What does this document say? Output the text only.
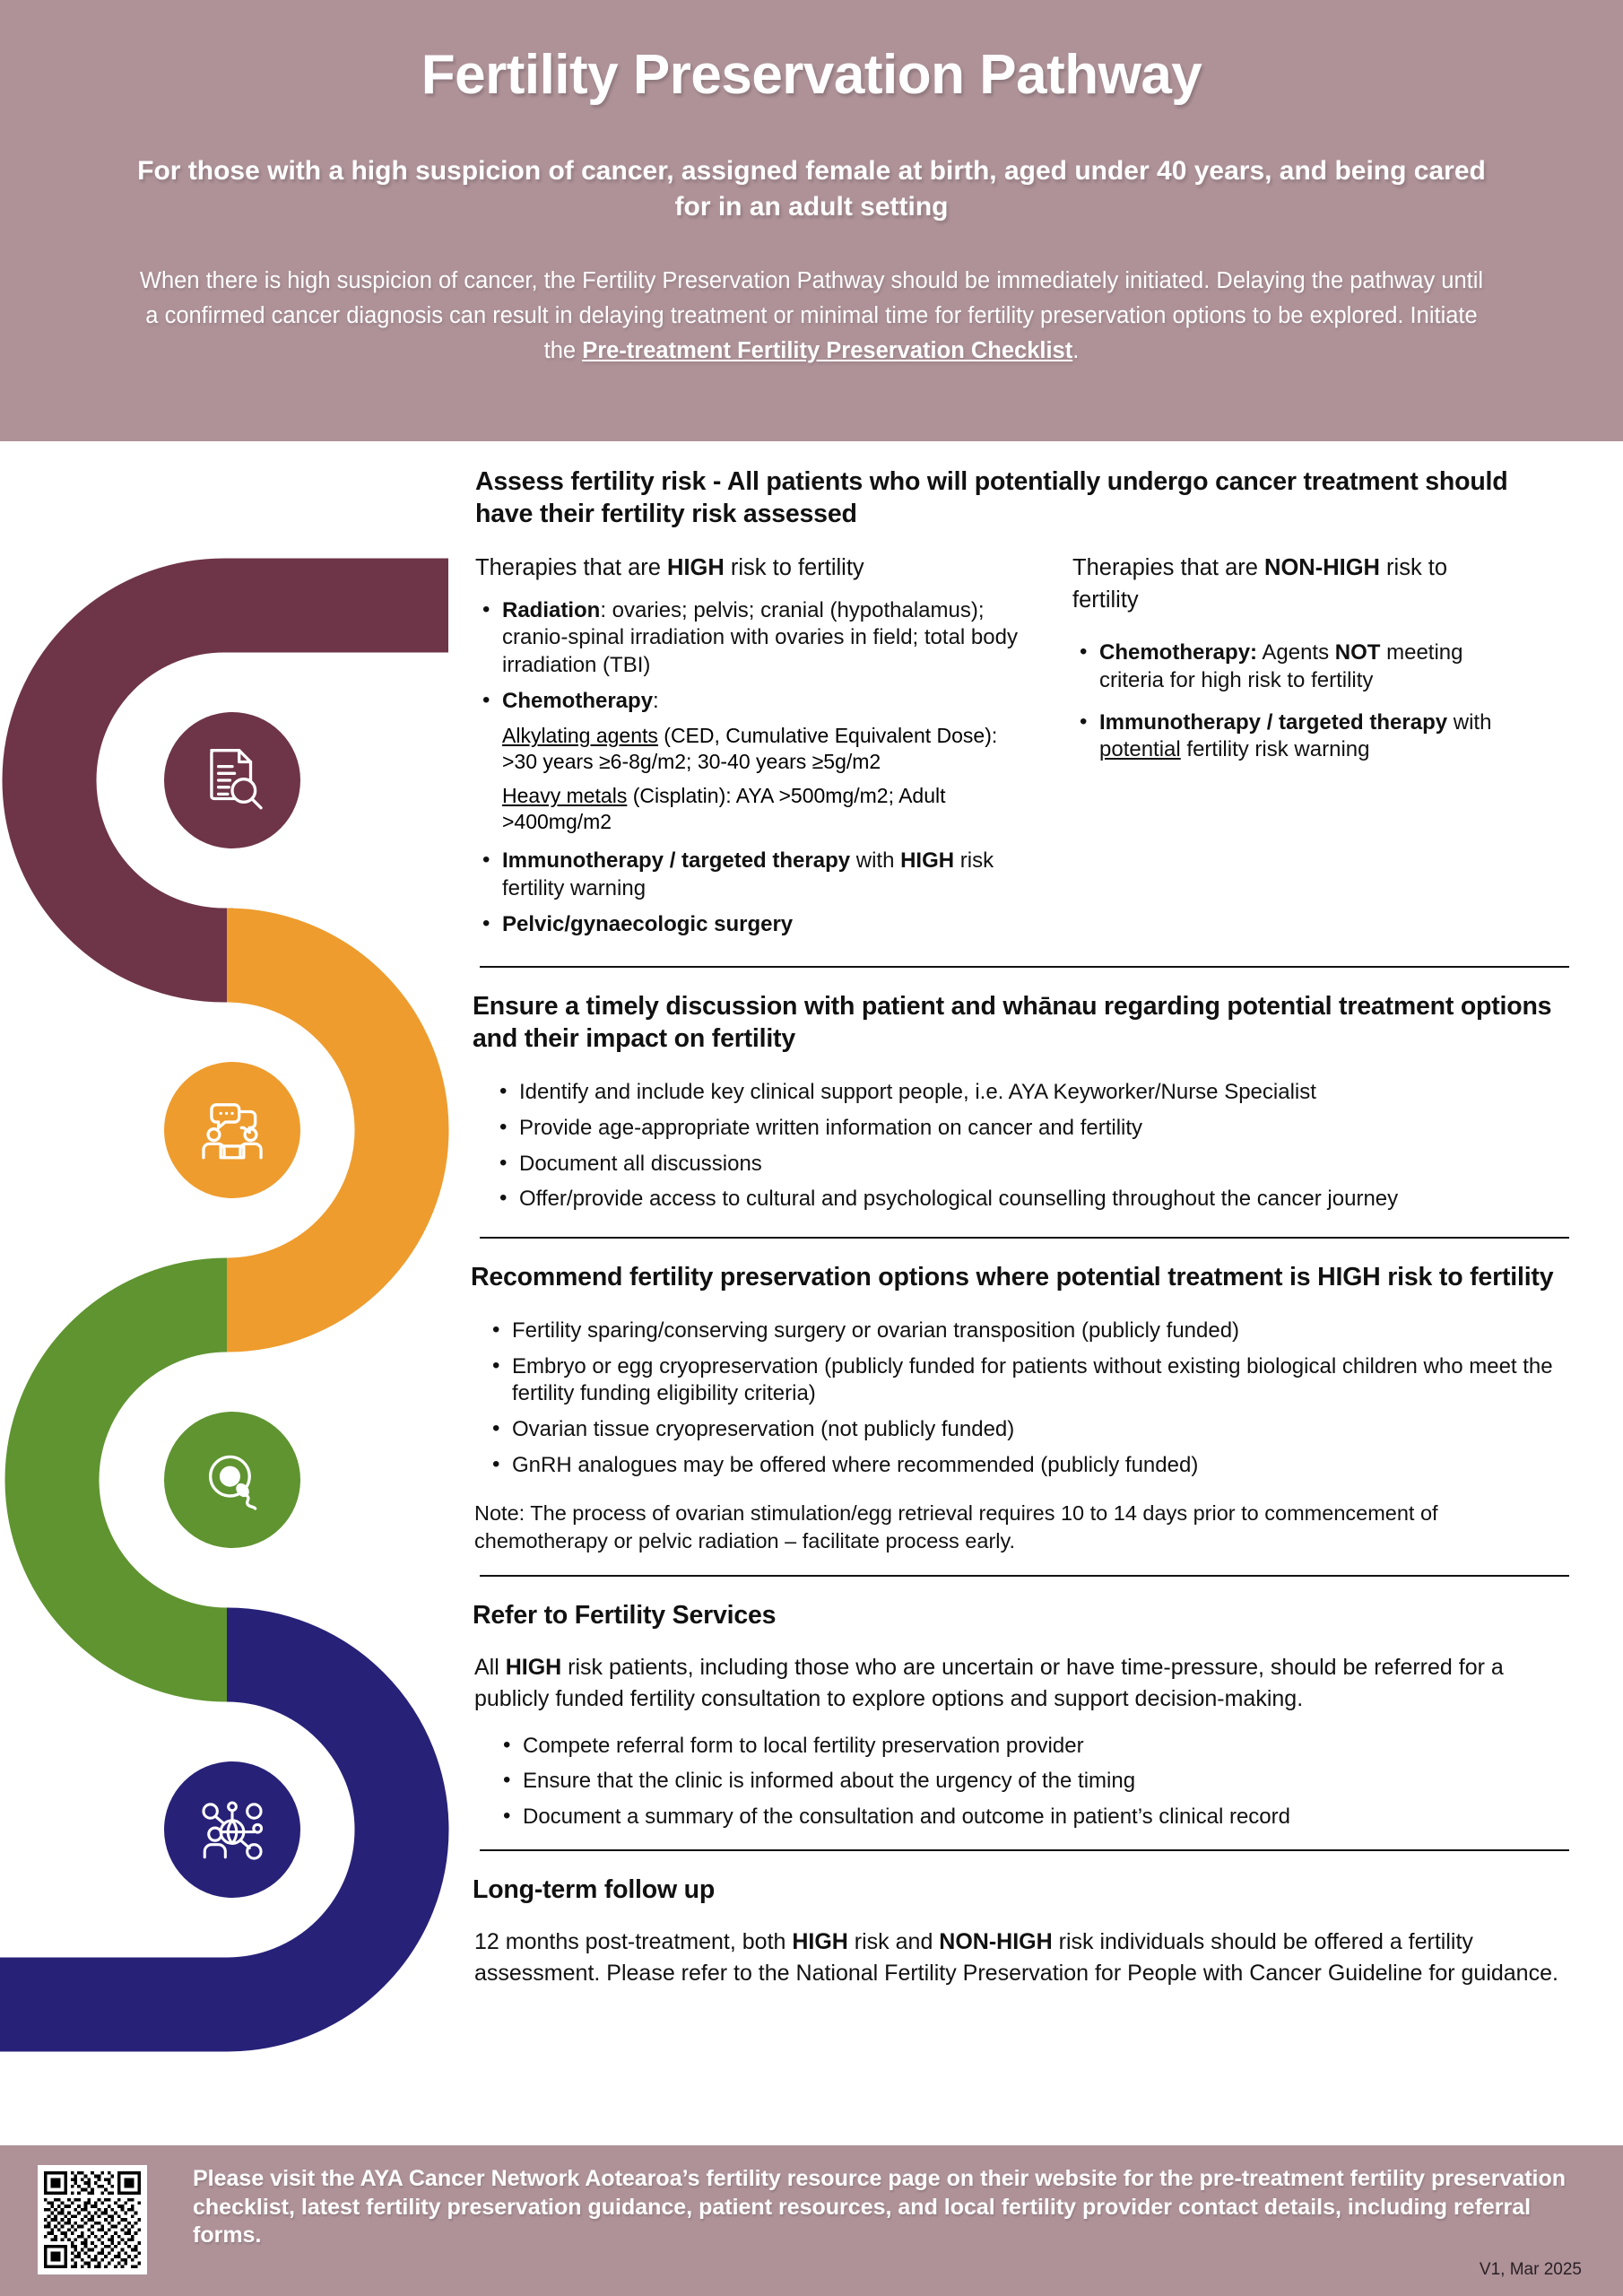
Fertility Preservation Pathway
For those with a high suspicion of cancer, assigned female at birth, aged under 40 years, and being cared for in an adult setting

When there is high suspicion of cancer, the Fertility Preservation Pathway should be immediately initiated. Delaying the pathway until a confirmed cancer diagnosis can result in delaying treatment or minimal time for fertility preservation options to be explored. Initiate the Pre-treatment Fertility Preservation Checklist.

Assess fertility risk - All patients who will potentially undergo cancer treatment should have their fertility risk assessed
Therapies that are HIGH risk to fertility
• Radiation: ovaries; pelvis; cranial (hypothalamus); cranio-spinal irradiation with ovaries in field; total body irradiation (TBI)
• Chemotherapy:
Alkylating agents (CED, Cumulative Equivalent Dose): >30 years ≥6-8g/m2; 30-40 years ≥5g/m2
Heavy metals (Cisplatin): AYA >500mg/m2; Adult >400mg/m2
• Immunotherapy / targeted therapy with HIGH risk fertility warning
• Pelvic/gynaecologic surgery
Therapies that are NON-HIGH risk to fertility
• Chemotherapy: Agents NOT meeting criteria for high risk to fertility
• Immunotherapy / targeted therapy with potential fertility risk warning
Ensure a timely discussion with patient and whānau regarding potential treatment options and their impact on fertility
• Identify and include key clinical support people, i.e. AYA Keyworker/Nurse Specialist
• Provide age-appropriate written information on cancer and fertility
• Document all discussions
• Offer/provide access to cultural and psychological counselling throughout the cancer journey
Recommend fertility preservation options where potential treatment is HIGH risk to fertility
• Fertility sparing/conserving surgery or ovarian transposition (publicly funded)
• Embryo or egg cryopreservation (publicly funded for patients without existing biological children who meet the fertility funding eligibility criteria)
• Ovarian tissue cryopreservation (not publicly funded)
• GnRH analogues may be offered where recommended (publicly funded)

Note: The process of ovarian stimulation/egg retrieval requires 10 to 14 days prior to commencement of chemotherapy or pelvic radiation – facilitate process early.

Refer to Fertility Services

All HIGH risk patients, including those who are uncertain or have time-pressure, should be referred for a publicly funded fertility consultation to explore options and support decision-making.

• Compete referral form to local fertility preservation provider
• Ensure that the clinic is informed about the urgency of the timing
• Document a summary of the consultation and outcome in patient’s clinical record
Long-term follow up

12 months post-treatment, both HIGH risk and NON-HIGH risk individuals should be offered a fertility assessment. Please refer to the National Fertility Preservation for People with Cancer Guideline for guidance.

Please visit the AYA Cancer Network Aotearoa’s fertility resource page on their website for the pre-treatment fertility preservation checklist, latest fertility preservation guidance, patient resources, and local fertility provider contact details, including referral forms.
V1, Mar 2025
